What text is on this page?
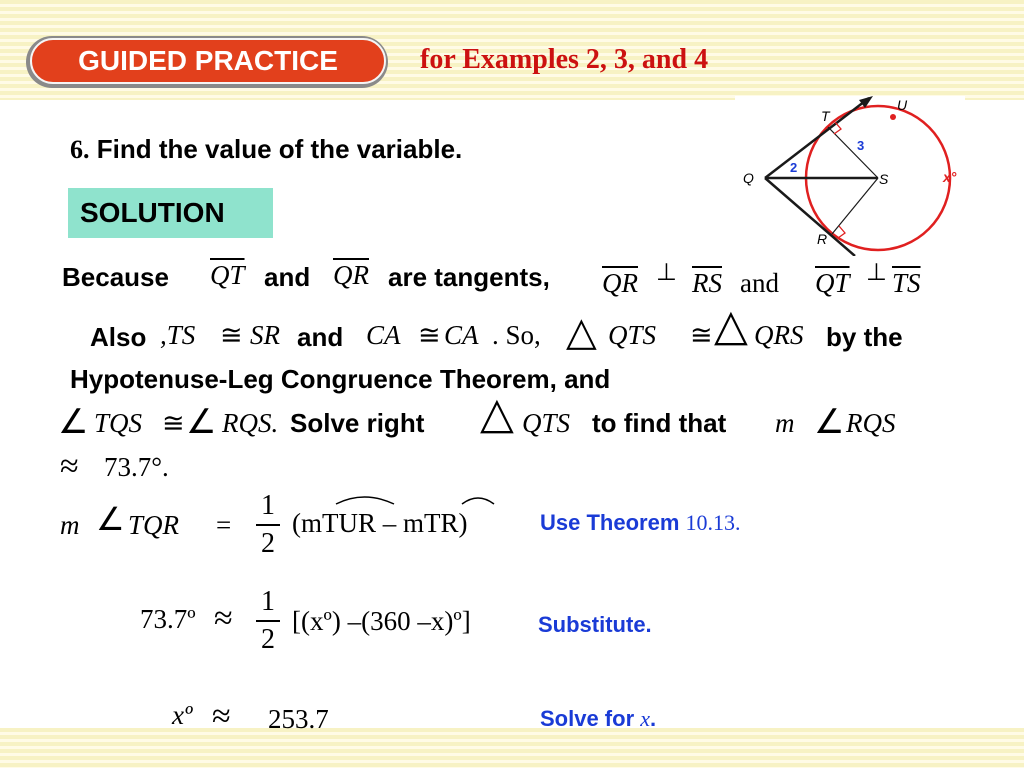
GUIDED PRACTICE	for Examples 2, 3, and 4
T
U
Q	S
R
x°
2
3
6. Find the value of the variable.
SOLUTION
Because $\overline{QT}$ and $\overline{QR}$ are tangents, $\overline{QR}$ ⊥ $\overline{RS}$ and $\overline{QT}$ ⊥ $\overline{TS}$
Also ,TS ≅ SR and CA ≅ CA . So, △ QTS ≅ △ QRS by the
Hypotenuse-Leg Congruence Theorem, and
∠ TQS ≅ ∠ RQS. Solve right △ QTS to find that m ∠ RQS
≈ 73.7°.
m ∠ TQR =
1
2
(mTUR – mTR)	Use Theorem 10.13.
73.7º ≈ 1
2
[(xº) –(360 –x)º]	Substitute.
xº ≈ 253.7	Solve for x.
